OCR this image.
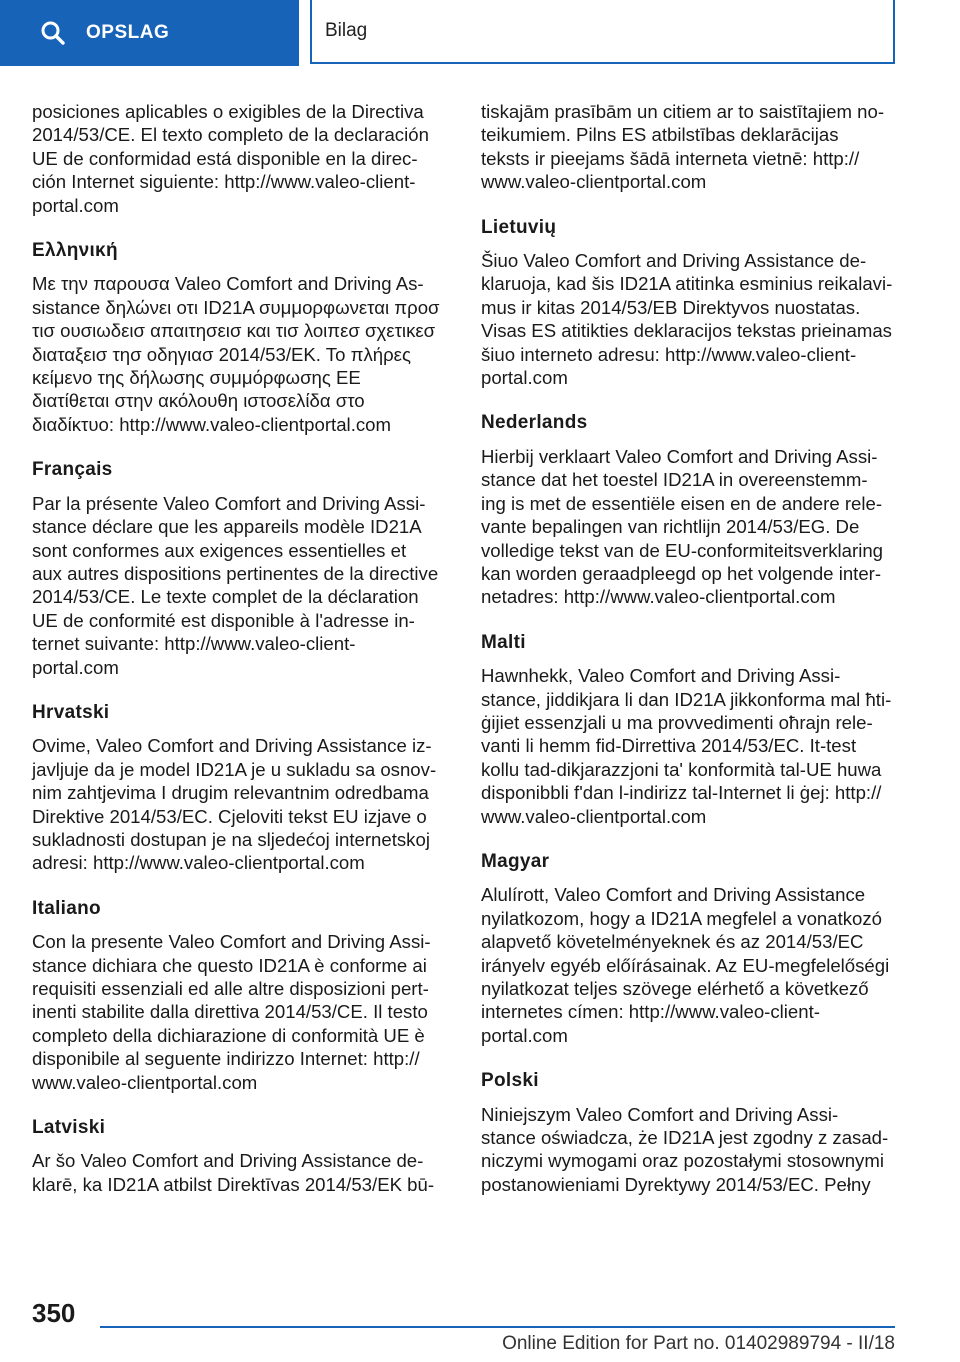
OPSLAG	Bilag

posiciones aplicables o exigibles de la Directiva
2014/53/CE. El texto completo de la declaración
UE de conformidad está disponible en la direc-
ción Internet siguiente: http://www.valeo-client-
portal.com

Ελληνική

Με την παρουσα Valeo Comfort and Driving As-
sistance δηλώνει οτι ID21A συμμορφωνεται προσ
τισ ουσιωδεισ απαιτησεισ και τισ λοιπεσ σχετικεσ
διαταξεισ τησ οδηγιασ 2014/53/ΕΚ. Το πλήρες
κείμενο της δήλωσης συμμόρφωσης ΕΕ
διατίθεται στην ακόλουθη ιστοσελίδα στο
διαδίκτυο: http://www.valeo-clientportal.com

Français

Par la présente Valeo Comfort and Driving Assi-
stance déclare que les appareils modèle ID21A
sont conformes aux exigences essentielles et
aux autres dispositions pertinentes de la directive
2014/53/CE. Le texte complet de la déclaration
UE de conformité est disponible à l'adresse in-
ternet suivante: http://www.valeo-client-
portal.com

Hrvatski

Ovime, Valeo Comfort and Driving Assistance iz-
javljuje da je model ID21A je u sukladu sa osnov-
nim zahtjevima I drugim relevantnim odredbama
Direktive 2014/53/EC. Cjeloviti tekst EU izjave o
sukladnosti dostupan je na sljedećoj internetskoj
adresi: http://www.valeo-clientportal.com

Italiano

Con la presente Valeo Comfort and Driving Assi-
stance dichiara che questo ID21A è conforme ai
requisiti essenziali ed alle altre disposizioni pert-
inenti stabilite dalla direttiva 2014/53/CE. Il testo
completo della dichiarazione di conformità UE è
disponibile al seguente indirizzo Internet: http://
www.valeo-clientportal.com

Latviski

Ar šo Valeo Comfort and Driving Assistance de-
klarē, ka ID21A atbilst Direktīvas 2014/53/EK bū-

tiskajām prasībām un citiem ar to saistītajiem no-
teikumiem. Pilns ES atbilstības deklarācijas
teksts ir pieejams šādā interneta vietnē: http://
www.valeo-clientportal.com

Lietuvių

Šiuo Valeo Comfort and Driving Assistance de-
klaruoja, kad šis ID21A atitinka esminius reikalavi-
mus ir kitas 2014/53/EB Direktyvos nuostatas.
Visas ES atitikties deklaracijos tekstas prieinamas
šiuo interneto adresu: http://www.valeo-client-
portal.com

Nederlands

Hierbij verklaart Valeo Comfort and Driving Assi-
stance dat het toestel ID21A in overeenstemm-
ing is met de essentiële eisen en de andere rele-
vante bepalingen van richtlijn 2014/53/EG. De
volledige tekst van de EU-conformiteitsverklaring
kan worden geraadpleegd op het volgende inter-
netadres: http://www.valeo-clientportal.com

Malti

Hawnhekk, Valeo Comfort and Driving Assi-
stance, jiddikjara li dan ID21A jikkonforma mal ħti-
ġijiet essenzjali u ma provvedimenti oħrajn rele-
vanti li hemm fid-Dirrettiva 2014/53/EC. It-test
kollu tad-dikjarazzjoni ta' konformità tal-UE huwa
disponibbli f'dan l-indirizz tal-Internet li ġej: http://
www.valeo-clientportal.com

Magyar

Alulírott, Valeo Comfort and Driving Assistance
nyilatkozom, hogy a ID21A megfelel a vonatkozó
alapvető követelményeknek és az 2014/53/EC
irányelv egyéb előírásainak. Az EU-megfelelőségi
nyilatkozat teljes szövege elérhető a következő
internetes címen: http://www.valeo-client-
portal.com

Polski

Niniejszym Valeo Comfort and Driving Assi-
stance oświadcza, że ID21A jest zgodny z zasad-
niczymi wymogami oraz pozostałymi stosownymi
postanowieniami Dyrektywy 2014/53/EC. Pełny

350
Online Edition for Part no. 01402989794 - II/18
